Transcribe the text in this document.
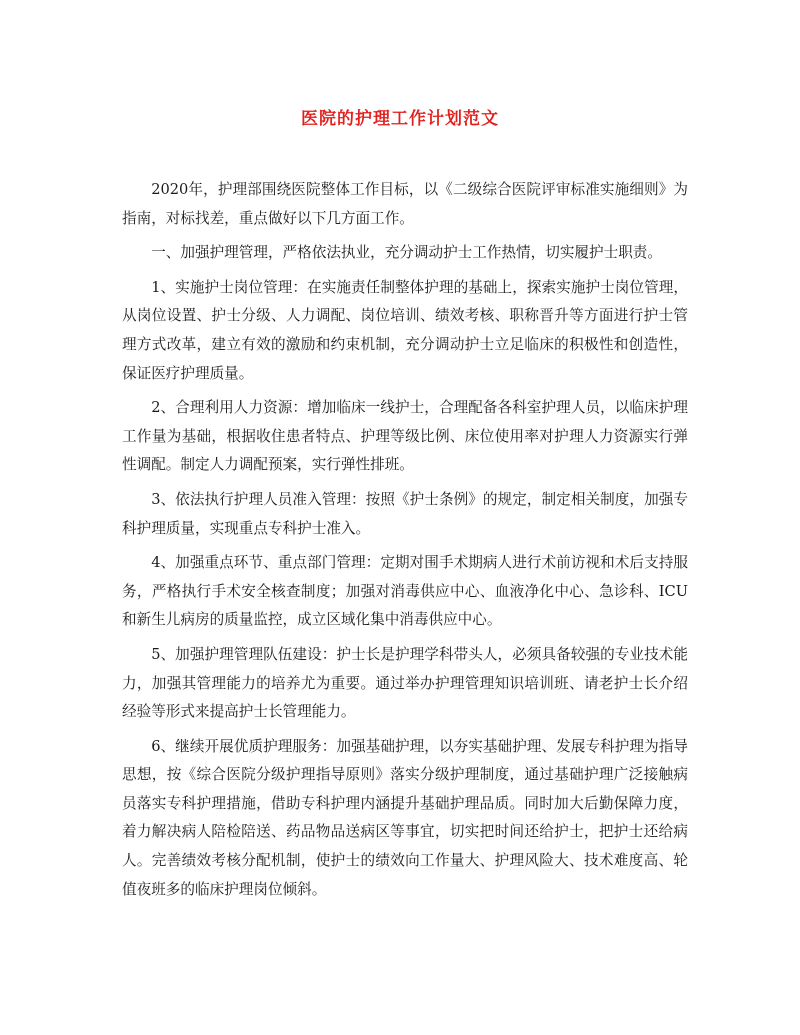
医院的护理工作计划范文

2020年，护理部围绕医院整体工作目标，以《二级综合医院评审标准实施细则》为指南，对标找差，重点做好以下几方面工作。

一、加强护理管理，严格依法执业，充分调动护士工作热情，切实履护士职责。

1、实施护士岗位管理：在实施责任制整体护理的基础上，探索实施护士岗位管理，从岗位设置、护士分级、人力调配、岗位培训、绩效考核、职称晋升等方面进行护士管理方式改革，建立有效的激励和约束机制，充分调动护士立足临床的积极性和创造性，保证医疗护理质量。

2、合理利用人力资源：增加临床一线护士，合理配备各科室护理人员，以临床护理工作量为基础，根据收住患者特点、护理等级比例、床位使用率对护理人力资源实行弹性调配。制定人力调配预案，实行弹性排班。

3、依法执行护理人员准入管理：按照《护士条例》的规定，制定相关制度，加强专科护理质量，实现重点专科护士准入。

4、加强重点环节、重点部门管理：定期对围手术期病人进行术前访视和术后支持服务，严格执行手术安全核查制度；加强对消毒供应中心、血液净化中心、急诊科、ICU和新生儿病房的质量监控，成立区域化集中消毒供应中心。

5、加强护理管理队伍建设：护士长是护理学科带头人，必须具备较强的专业技术能力，加强其管理能力的培养尤为重要。通过举办护理管理知识培训班、请老护士长介绍经验等形式来提高护士长管理能力。

6、继续开展优质护理服务：加强基础护理，以夯实基础护理、发展专科护理为指导思想，按《综合医院分级护理指导原则》落实分级护理制度，通过基础护理广泛接触病员落实专科护理措施，借助专科护理内涵提升基础护理品质。同时加大后勤保障力度，着力解决病人陪检陪送、药品物品送病区等事宜，切实把时间还给护士，把护士还给病人。完善绩效考核分配机制，使护士的绩效向工作量大、护理风险大、技术难度高、轮值夜班多的临床护理岗位倾斜。
